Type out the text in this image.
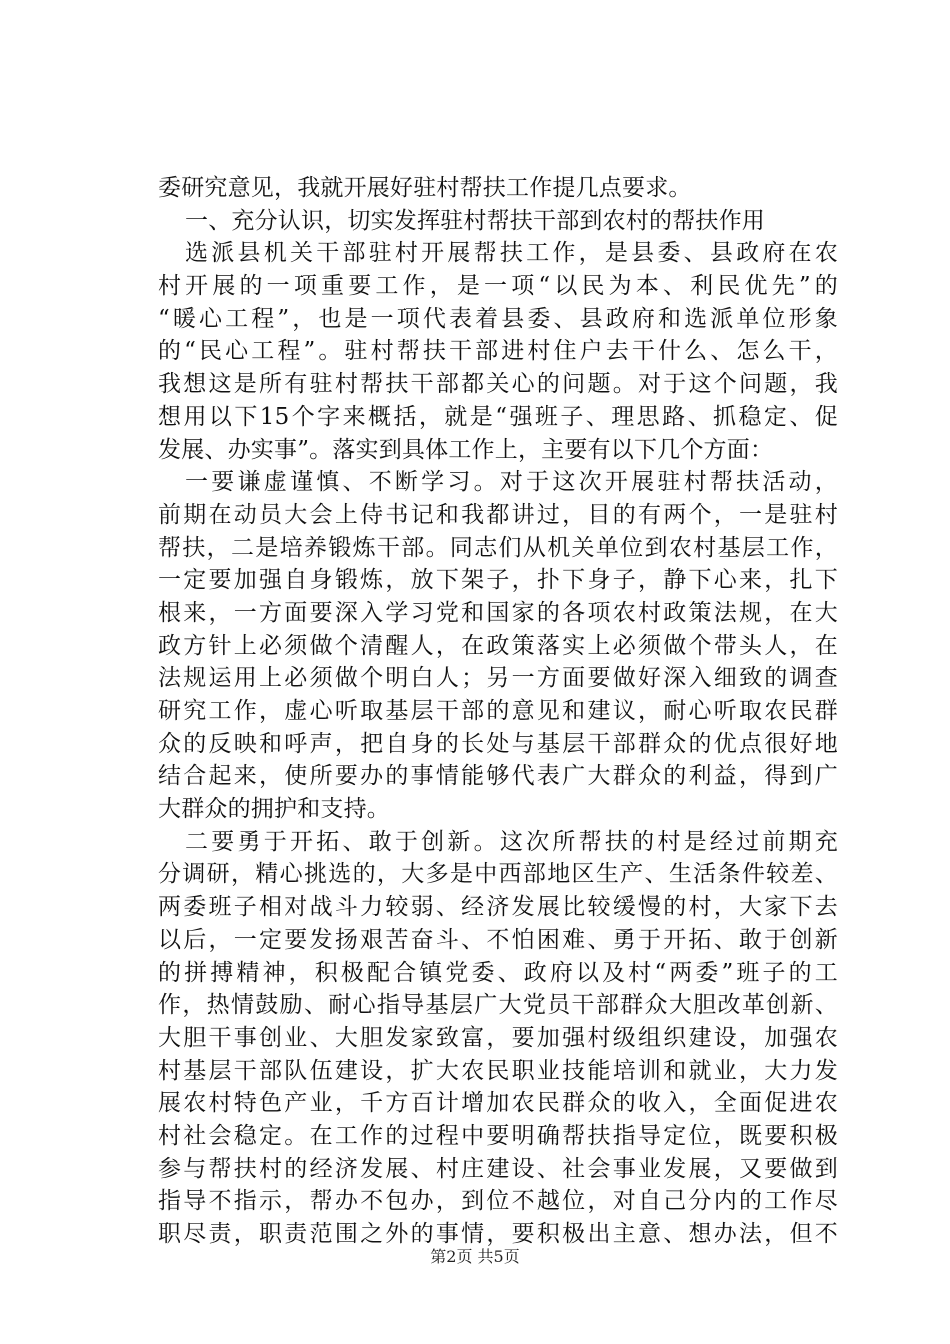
委研究意见，我就开展好驻村帮扶工作提几点要求。
一、充分认识，切实发挥驻村帮扶干部到农村的帮扶作用
选派县机关干部驻村开展帮扶工作，是县委、县政府在农
村开展的一项重要工作，是一项“以民为本、利民优先”的
“暖心工程”，也是一项代表着县委、县政府和选派单位形象
的“民心工程”。驻村帮扶干部进村住户去干什么、怎么干，
我想这是所有驻村帮扶干部都关心的问题。对于这个问题，我
想用以下15个字来概括，就是“强班子、理思路、抓稳定、促
发展、办实事”。落实到具体工作上，主要有以下几个方面：
一要谦虚谨慎、不断学习。对于这次开展驻村帮扶活动，
前期在动员大会上侍书记和我都讲过，目的有两个，一是驻村
帮扶，二是培养锻炼干部。同志们从机关单位到农村基层工作，
一定要加强自身锻炼，放下架子，扑下身子，静下心来，扎下
根来，一方面要深入学习党和国家的各项农村政策法规，在大
政方针上必须做个清醒人，在政策落实上必须做个带头人，在
法规运用上必须做个明白人；另一方面要做好深入细致的调查
研究工作，虚心听取基层干部的意见和建议，耐心听取农民群
众的反映和呼声，把自身的长处与基层干部群众的优点很好地
结合起来，使所要办的事情能够代表广大群众的利益，得到广
大群众的拥护和支持。
二要勇于开拓、敢于创新。这次所帮扶的村是经过前期充
分调研，精心挑选的，大多是中西部地区生产、生活条件较差、
两委班子相对战斗力较弱、经济发展比较缓慢的村，大家下去
以后，一定要发扬艰苦奋斗、不怕困难、勇于开拓、敢于创新
的拼搏精神，积极配合镇党委、政府以及村“两委”班子的工
作，热情鼓励、耐心指导基层广大党员干部群众大胆改革创新、
大胆干事创业、大胆发家致富，要加强村级组织建设，加强农
村基层干部队伍建设，扩大农民职业技能培训和就业，大力发
展农村特色产业，千方百计增加农民群众的收入，全面促进农
村社会稳定。在工作的过程中要明确帮扶指导定位，既要积极
参与帮扶村的经济发展、村庄建设、社会事业发展，又要做到
指导不指示，帮办不包办，到位不越位，对自己分内的工作尽
职尽责，职责范围之外的事情，要积极出主意、想办法，但不
第2页 共5页
